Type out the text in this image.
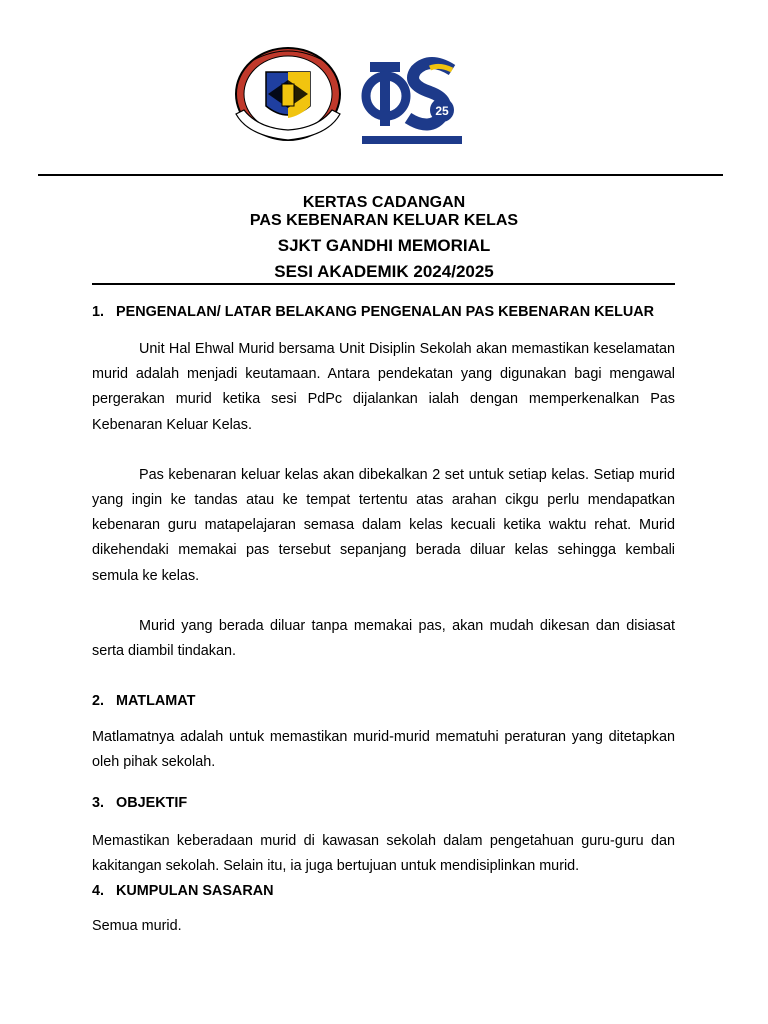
25
KERTAS CADANGAN
PAS KEBENARAN KELUAR KELAS
SJKT GANDHI MEMORIAL
SESI AKADEMIK 2024/2025
1. PENGENALAN/ LATAR BELAKANG PENGENALAN PAS KEBENARAN KELUAR

Unit Hal Ehwal Murid bersama Unit Disiplin Sekolah akan memastikan keselamatan murid adalah menjadi keutamaan. Antara pendekatan yang digunakan bagi mengawal pergerakan murid ketika sesi PdPc dijalankan ialah dengan memperkenalkan Pas Kebenaran Keluar Kelas.

Pas kebenaran keluar kelas akan dibekalkan 2 set untuk setiap kelas. Setiap murid yang ingin ke tandas atau ke tempat tertentu atas arahan cikgu perlu mendapatkan kebenaran guru matapelajaran semasa dalam kelas kecuali ketika waktu rehat. Murid dikehendaki memakai pas tersebut sepanjang berada diluar kelas sehingga kembali semula ke kelas.

Murid yang berada diluar tanpa memakai pas, akan mudah dikesan dan disiasat serta diambil tindakan.

2. MATLAMAT

Matlamatnya adalah untuk memastikan murid-murid mematuhi peraturan yang ditetapkan oleh pihak sekolah.

3. OBJEKTIF

Memastikan keberadaan murid di kawasan sekolah dalam pengetahuan guru-guru dan kakitangan sekolah. Selain itu, ia juga bertujuan untuk mendisiplinkan murid.

4. KUMPULAN SASARAN

Semua murid.
